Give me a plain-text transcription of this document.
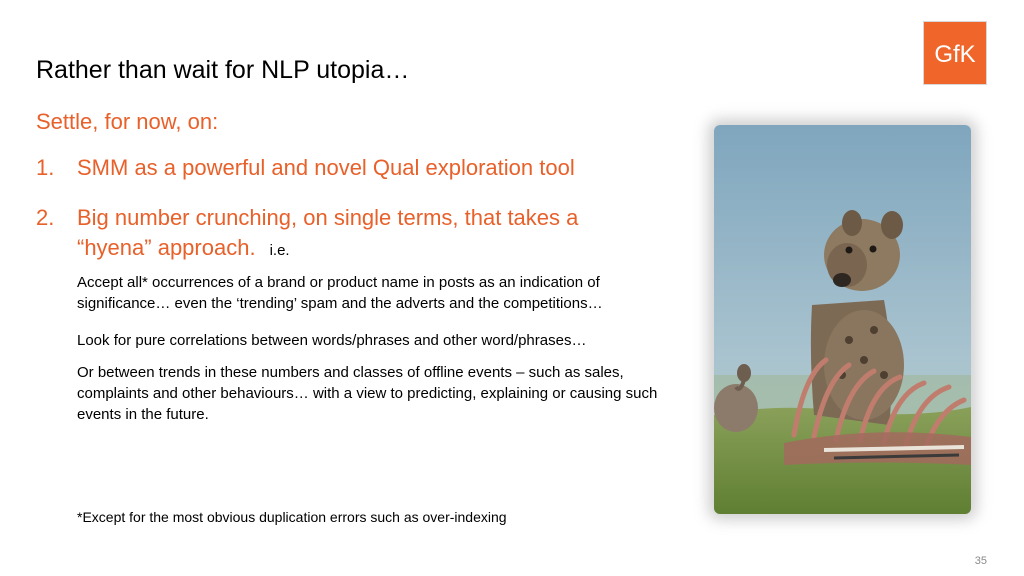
Rather than wait for NLP utopia…
Settle, for now, on:
1. SMM as a powerful and novel Qual exploration tool
2. Big number crunching, on single terms, that takes a
“hyena” approach. i.e.
Accept all* occurrences of a brand or product name in posts as an indication of significance… even the ‘trending’ spam and the adverts and the competitions…
Look for pure correlations between words/phrases and other word/phrases…
Or between trends in these numbers and classes of offline events – such as sales, complaints and other behaviours… with a view to predicting, explaining or causing such events in the future.
*Except for the most obvious duplication errors such as over-indexing
35
GfK
